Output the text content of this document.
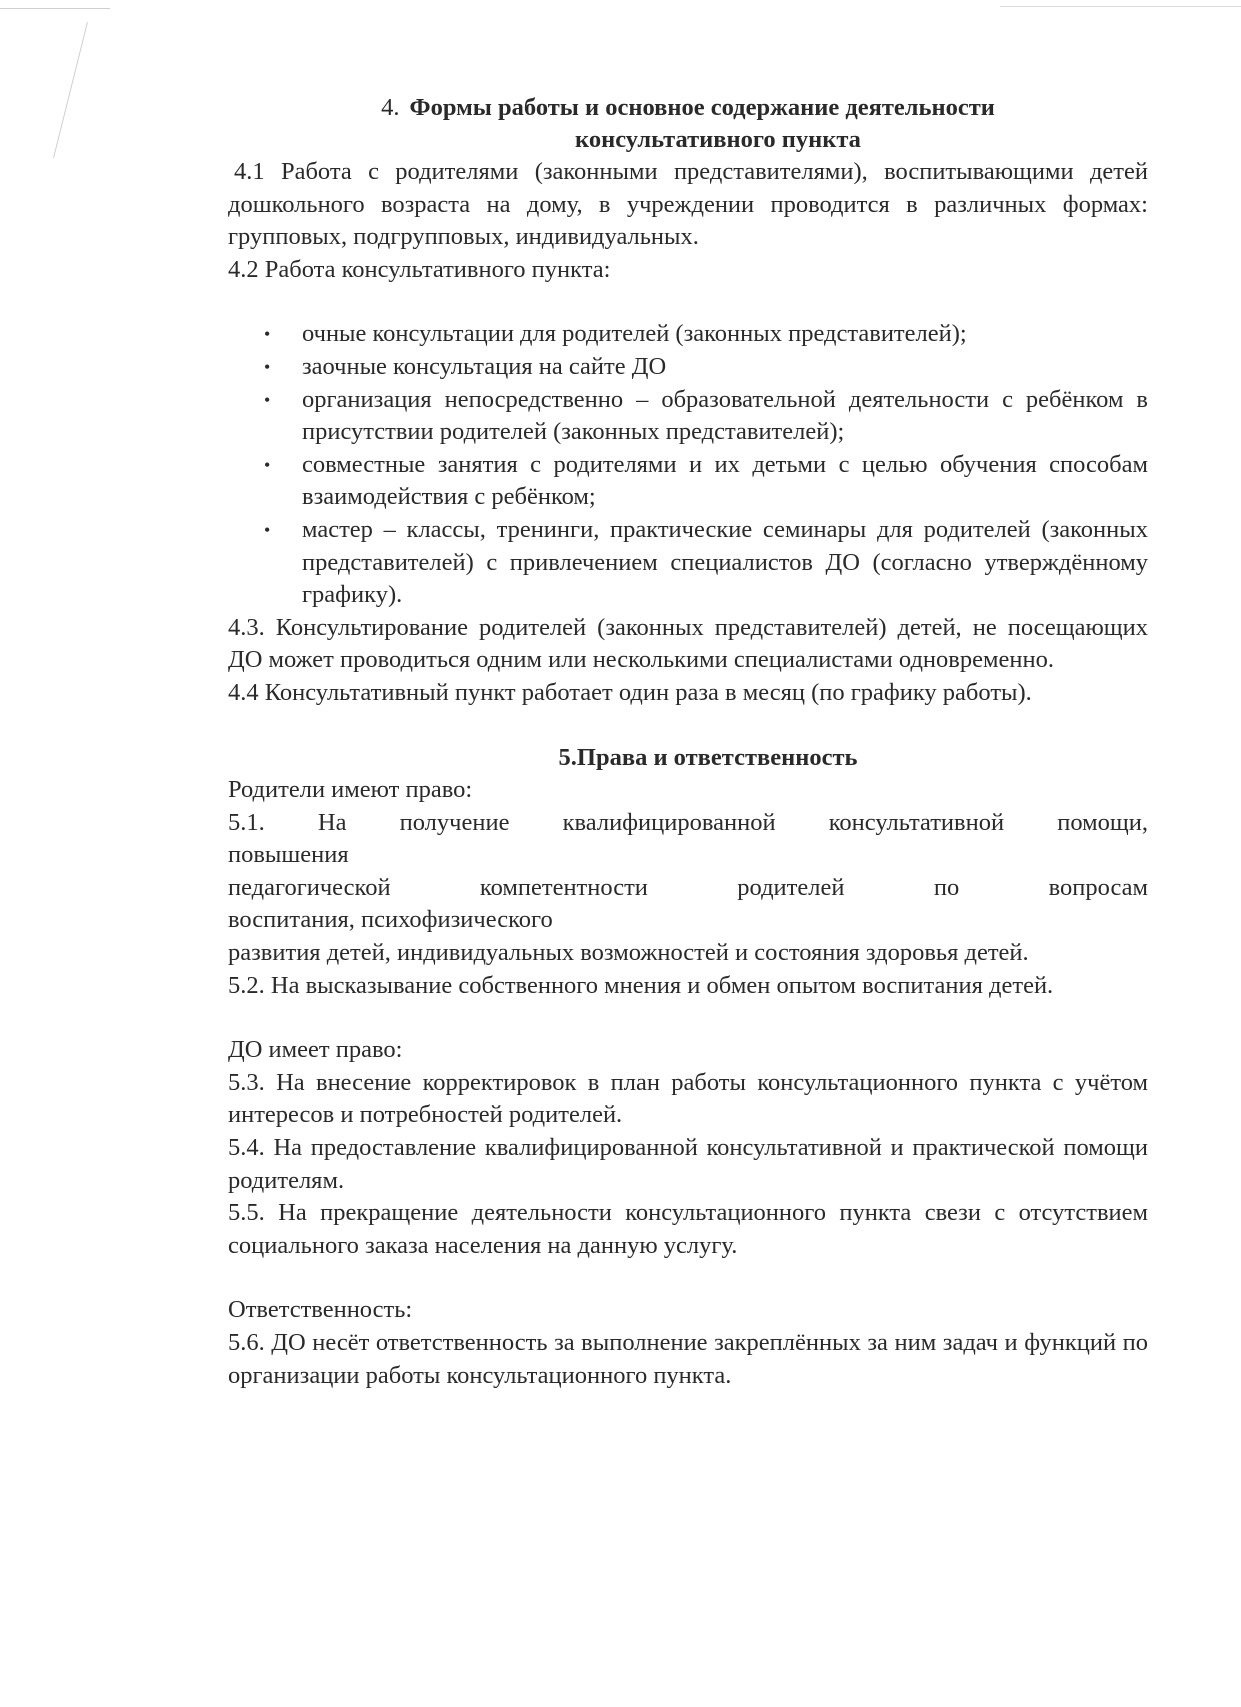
4. Формы работы и основное содержание деятельности
консультативного пункта

4.1 Работа с родителями (законными представителями), воспитывающими детей дошкольного возраста на дому, в учреждении проводится в различных формах: групповых, подгрупповых, индивидуальных.

4.2 Работа консультативного пункта:

• очные консультации для родителей (законных представителей);
• заочные консультация на сайте ДО
• организация непосредственно – образовательной деятельности с ребёнком в присутствии родителей (законных представителей);
• совместные занятия с родителями и их детьми с целью обучения способам взаимодействия с ребёнком;
• мастер – классы, тренинги, практические семинары для родителей (законных представителей) с привлечением специалистов ДО (согласно утверждённому графику).

4.3. Консультирование родителей (законных представителей) детей, не посещающих ДО может проводиться одним или несколькими специалистами одновременно.

4.4 Консультативный пункт работает один раза в месяц (по графику работы).

5.Права и ответственность

Родители имеют право:

5.1. На получение квалифицированной консультативной помощи,

повышения

педагогической компетентности родителей по вопросам

воспитания, психофизического

развития детей, индивидуальных возможностей и состояния здоровья детей.

5.2. На высказывание собственного мнения и обмен опытом воспитания детей.

ДО имеет право:

5.3. На внесение корректировок в план работы консультационного пункта с учётом интересов и потребностей родителей.

5.4. На предоставление квалифицированной консультативной и практической помощи родителям.

5.5. На прекращение деятельности консультационного пункта свези с отсутствием социального заказа населения на данную услугу.

Ответственность:

5.6. ДО несёт ответственность за выполнение закреплённых за ним задач и функций по организации работы консультационного пункта.
